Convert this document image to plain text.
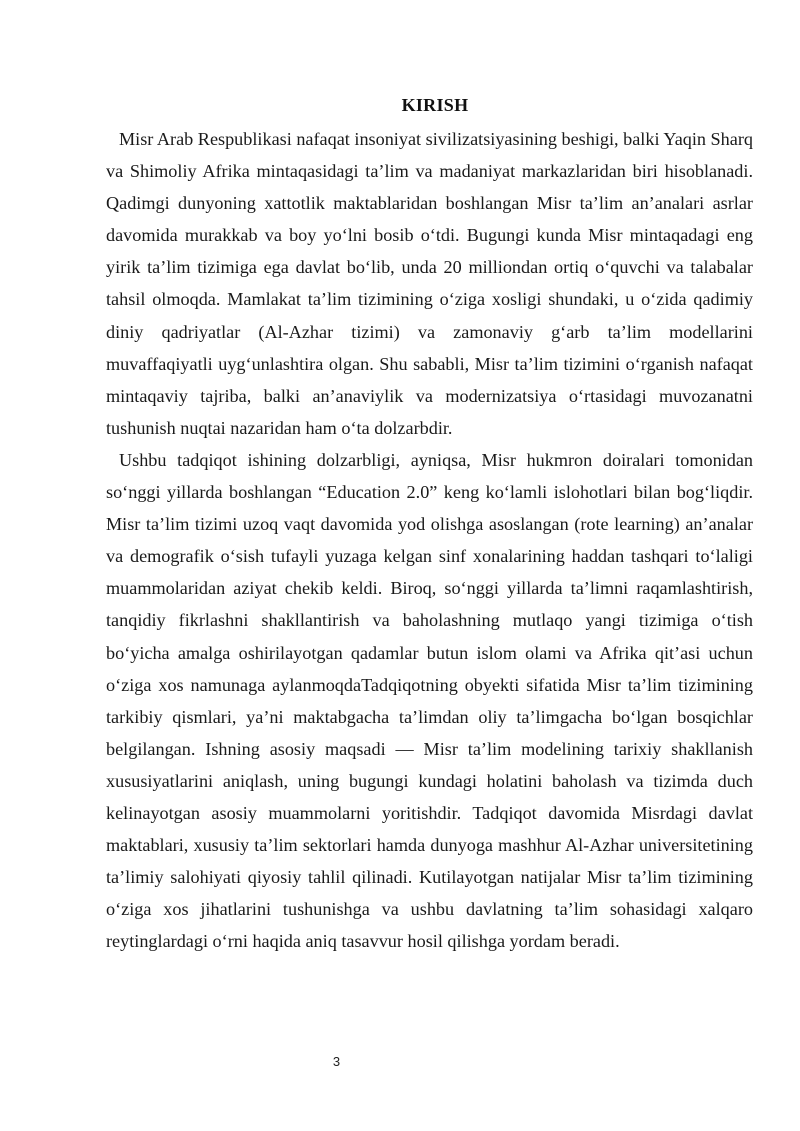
KIRISH

Misr Arab Respublikasi nafaqat insoniyat sivilizatsiyasining beshigi, balki Yaqin Sharq va Shimoliy Afrika mintaqasidagi ta’lim va madaniyat markazlaridan biri hisoblanadi. Qadimgi dunyoning xattotlik maktablaridan boshlangan Misr ta’lim an’analari asrlar davomida murakkab va boy yo‘lni bosib o‘tdi. Bugungi kunda Misr mintaqadagi eng yirik ta’lim tizimiga ega davlat bo‘lib, unda 20 milliondan ortiq o‘quvchi va talabalar tahsil olmoqda. Mamlakat ta’lim tizimining o‘ziga xosligi shundaki, u o‘zida qadimiy diniy qadriyatlar (Al-Azhar tizimi) va zamonaviy g‘arb ta’lim modellarini muvaffaqiyatli uyg‘unlashtira olgan. Shu sababli, Misr ta’lim tizimini o‘rganish nafaqat mintaqaviy tajriba, balki an’anaviylik va modernizatsiya o‘rtasidagi muvozanatni tushunish nuqtai nazaridan ham o‘ta dolzarbdir.

Ushbu tadqiqot ishining dolzarbligi, ayniqsa, Misr hukmron doiralari tomonidan so‘nggi yillarda boshlangan “Education 2.0” keng ko‘lamli islohotlari bilan bog‘liqdir. Misr ta’lim tizimi uzoq vaqt davomida yod olishga asoslangan (rote learning) an’analar va demografik o‘sish tufayli yuzaga kelgan sinf xonalarining haddan tashqari to‘laligi muammolaridan aziyat chekib keldi. Biroq, so‘nggi yillarda ta’limni raqamlashtirish, tanqidiy fikrlashni shakllantirish va baholashning mutlaqo yangi tizimiga o‘tish bo‘yicha amalga oshirilayotgan qadamlar butun islom olami va Afrika qit’asi uchun o‘ziga xos namunaga aylanmoqdaTadqiqotning obyekti sifatida Misr ta’lim tizimining tarkibiy qismlari, ya’ni maktabgacha ta’limdan oliy ta’limgacha bo‘lgan bosqichlar belgilangan. Ishning asosiy maqsadi — Misr ta’lim modelining tarixiy shakllanish xususiyatlarini aniqlash, uning bugungi kundagi holatini baholash va tizimda duch kelinayotgan asosiy muammolarni yoritishdir. Tadqiqot davomida Misrdagi davlat maktablari, xususiy ta’lim sektorlari hamda dunyoga mashhur Al-Azhar universitetining ta’limiy salohiyati qiyosiy tahlil qilinadi. Kutilayotgan natijalar Misr ta’lim tizimining o‘ziga xos jihatlarini tushunishga va ushbu davlatning ta’lim sohasidagi xalqaro reytinglardagi o‘rni haqida aniq tasavvur hosil qilishga yordam beradi.

3
